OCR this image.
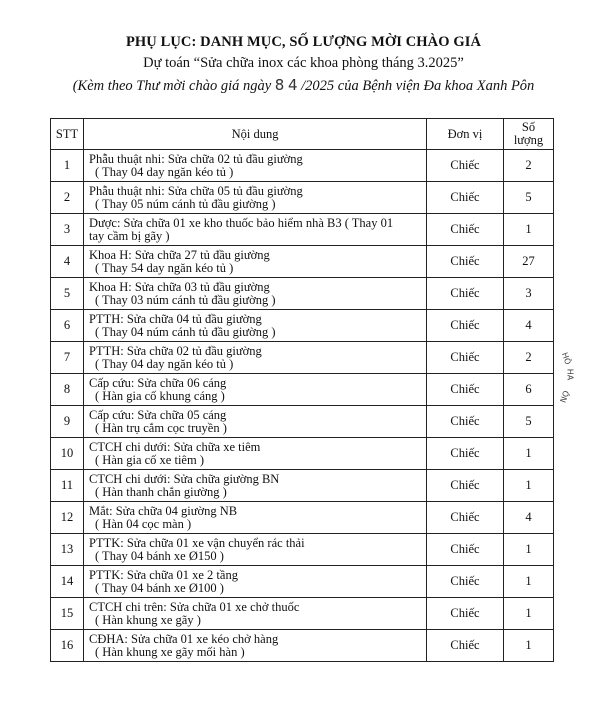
PHỤ LỤC: DANH MỤC, SỐ LƯỢNG MỜI CHÀO GIÁ
Dự toán “Sửa chữa inox các khoa phòng tháng 3.2025”
(Kèm theo Thư mời chào giá ngày 8 4 /2025 của Bệnh viện Đa khoa Xanh Pôn
STT	Nội dung	Đơn vị	Số
lượng

1	Phẫu thuật nhi: Sửa chữa 02 tủ đầu giường
( Thay 04 day ngăn kéo tủ )	Chiếc	2
2	Phẫu thuật nhi: Sửa chữa 05 tủ đầu giường
( Thay 05 núm cánh tủ đầu giường )	Chiếc	5
3	Dược: Sửa chữa 01 xe kho thuốc bảo hiểm nhà B3 ( Thay 01
tay cầm bị gãy )	Chiếc	1
4	Khoa H: Sửa chữa 27 tủ đầu giường
( Thay 54 day ngăn kéo tủ )	Chiếc	27
5	Khoa H: Sửa chữa 03 tủ đầu giường
( Thay 03 núm cánh tủ đầu giường )	Chiếc	3
6	PTTH: Sửa chữa 04 tủ đầu giường
( Thay 04 núm cánh tủ đầu giường )	Chiếc	4
7	PTTH: Sửa chữa 02 tủ đầu giường
( Thay 04 day ngăn kéo tủ )	Chiếc	2
8	Cấp cứu: Sửa chữa 06 cáng
( Hàn gia cố khung cáng )	Chiếc	6
9	Cấp cứu: Sửa chữa 05 cáng
( Hàn trụ cắm cọc truyền )	Chiếc	5
10	CTCH chi dưới: Sửa chữa xe tiêm
( Hàn gia cố xe tiêm )	Chiếc	1
11	CTCH chi dưới: Sửa chữa giường BN
( Hàn thanh chắn giường )	Chiếc	1
12	Mắt: Sửa chữa 04 giường NB
( Hàn 04 cọc màn )	Chiếc	4
13	PTTK: Sửa chữa 01 xe vận chuyển rác thải
( Thay 04 bánh xe Ø150 )	Chiếc	1
14	PTTK: Sửa chữa 01 xe 2 tầng
( Thay 04 bánh xe Ø100 )	Chiếc	1
15	CTCH chi trên: Sửa chữa 01 xe chở thuốc
( Hàn khung xe gãy )	Chiếc	1
16	CĐHA: Sửa chữa 01 xe kéo chở hàng
( Hàn khung xe gãy mối hàn )	Chiếc	1
HÔ
HA
ÔN
